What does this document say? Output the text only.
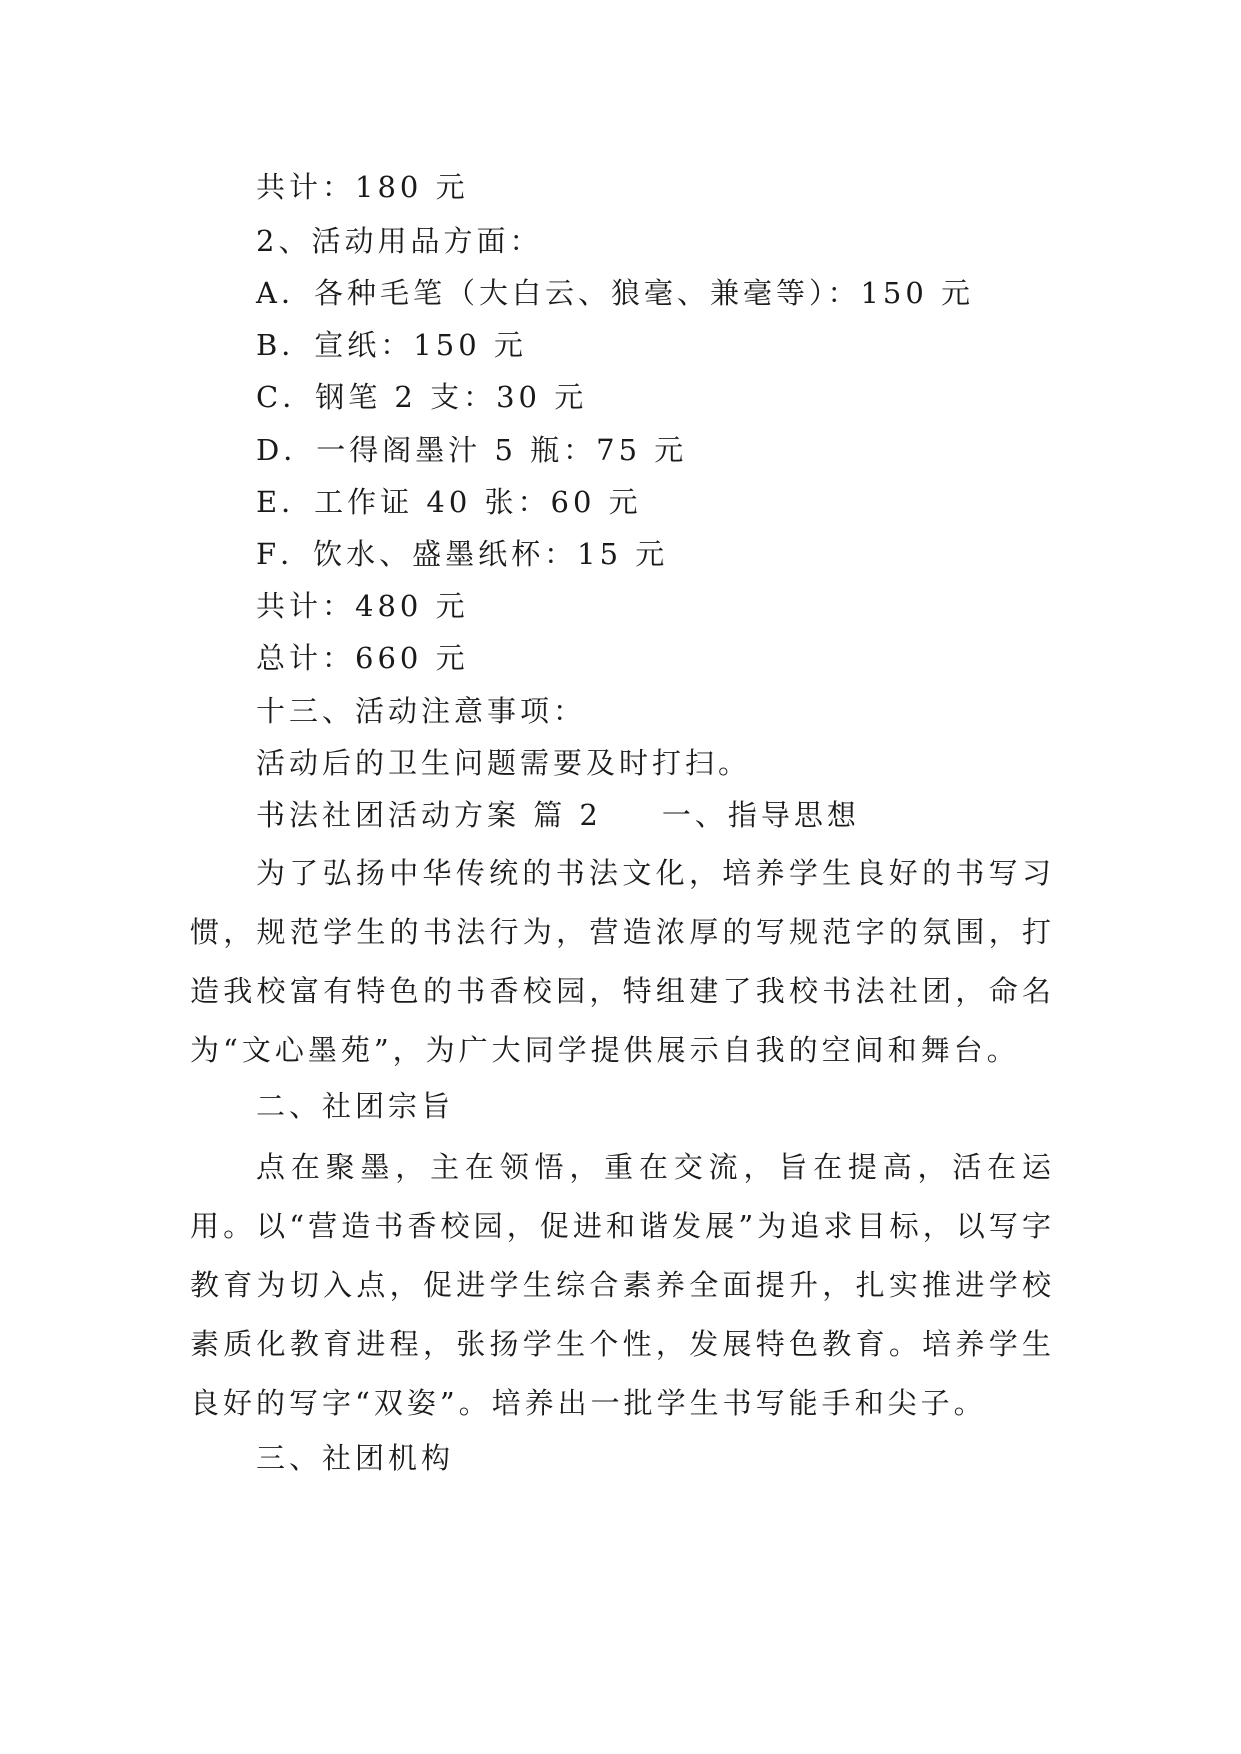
共计：180 元
2、活动用品方面：
A．各种毛笔（大白云、狼毫、兼毫等）：150 元
B．宣纸：150 元
C．钢笔 2 支：30 元
D．一得阁墨汁 5 瓶：75 元
E．工作证 40 张：60 元
F．饮水、盛墨纸杯：15 元
共计：480 元
总计：660 元
十三、活动注意事项：
活动后的卫生问题需要及时打扫。
书法社团活动方案 篇 2 一、指导思想
为了弘扬中华传统的书法文化，培养学生良好的书写习惯，规范学生的书法行为，营造浓厚的写规范字的氛围，打造我校富有特色的书香校园，特组建了我校书法社团，命名为“文心墨苑”，为广大同学提供展示自我的空间和舞台。
二、社团宗旨
点在聚墨，主在领悟，重在交流，旨在提高，活在运用。以“营造书香校园，促进和谐发展”为追求目标，以写字教育为切入点，促进学生综合素养全面提升，扎实推进学校素质化教育进程，张扬学生个性，发展特色教育。培养学生良好的写字“双姿”。培养出一批学生书写能手和尖子。
三、社团机构
